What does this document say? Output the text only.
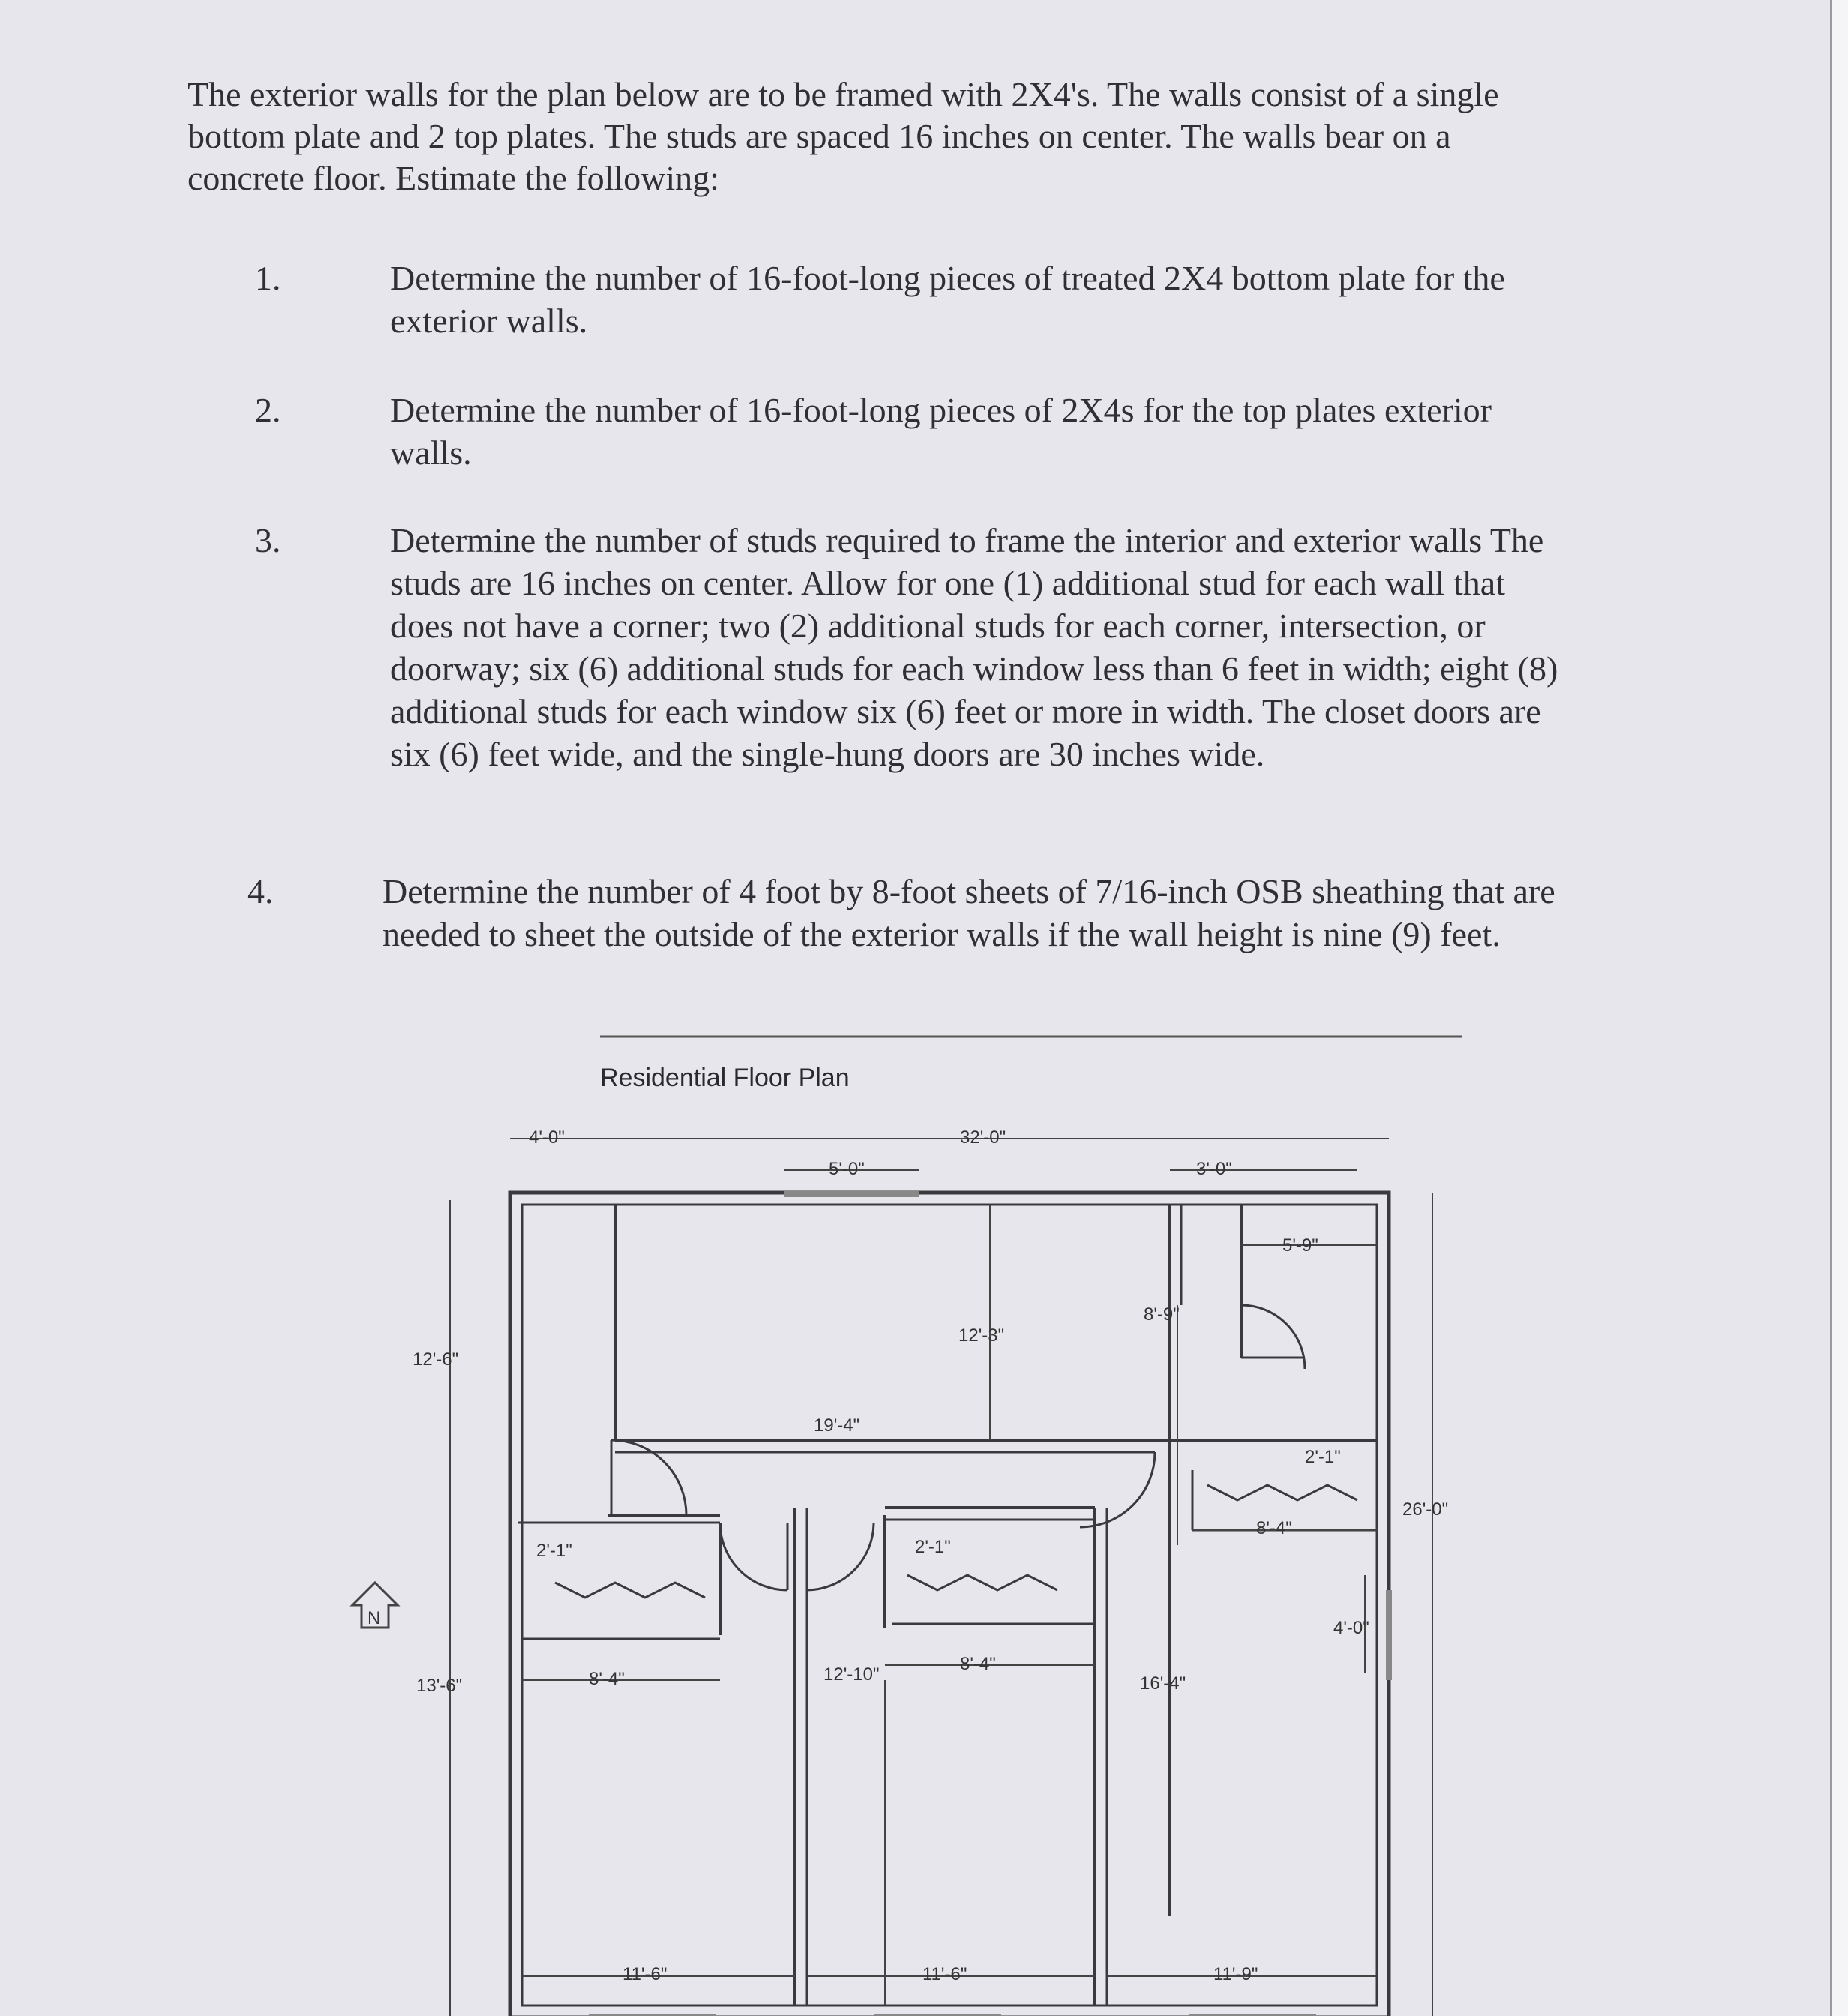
The exterior walls for the plan below are to be framed with 2X4's. The walls consist of a single bottom plate and 2 top plates. The studs are spaced 16 inches on center. The walls bear on a concrete floor. Estimate the following:

1.	Determine the number of 16-foot-long pieces of treated 2X4 bottom plate for the exterior walls.
2.	Determine the number of 16-foot-long pieces of 2X4s for the top plates exterior walls.
3.	Determine the number of studs required to frame the interior and exterior walls The studs are 16 inches on center. Allow for one (1) additional stud for each wall that does not have a corner; two (2) additional studs for each corner, intersection, or doorway; six (6) additional studs for each window less than 6 feet in width; eight (8) additional studs for each window six (6) feet or more in width. The closet doors are six (6) feet wide, and the single-hung doors are 30 inches wide.
4.	Determine the number of 4 foot by 8-foot sheets of 7/16-inch OSB sheathing that are needed to sheet the outside of the exterior walls if the wall height is nine (9) feet.
Residential Floor Plan
N
4'-0"	32'-0"
5'-0"	3'-0"
5'-9"
8'-9"
12'-3"
12'-6"
19'-4"
2'-1"
26'-0"
8'-4"
2'-1"	2'-1"
8'-4"
8'-4"
16'-4"
4'-0"
13'-6"
12'-10"
11'-6"	11'-6"	11'-9"
